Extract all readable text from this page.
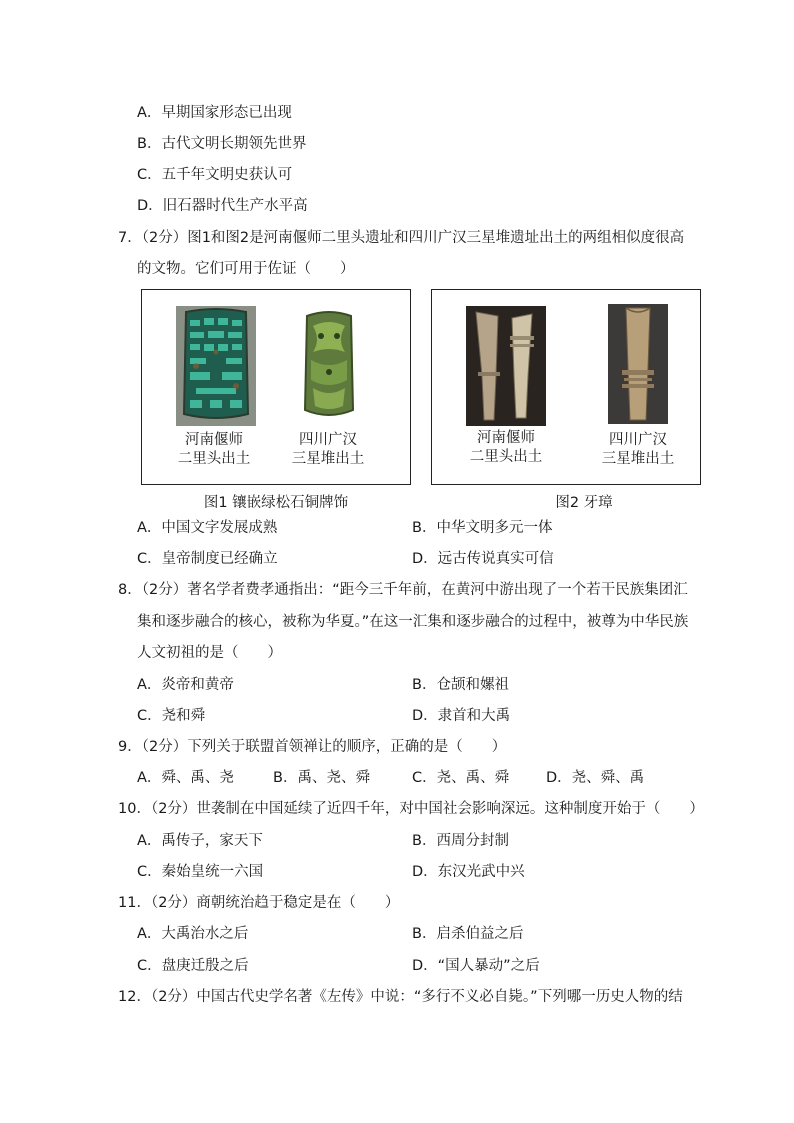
A．早期国家形态已出现
B．古代文明长期领先世界
C．五千年文明史获认可
D．旧石器时代生产水平高
7．（2分）图1和图2是河南偃师二里头遗址和四川广汉三星堆遗址出土的两组相似度很高
的文物。它们可用于佐证（　　）
河南偃师
二里头出土
四川广汉
三星堆出土
图1 镶嵌绿松石铜牌饰
河南偃师
二里头出土
四川广汉
三星堆出土
图2 牙璋
A．中国文字发展成熟	B．中华文明多元一体
C．皇帝制度已经确立	D．远古传说真实可信
8．（2分）著名学者费孝通指出：“距今三千年前，在黄河中游出现了一个若干民族集团汇
集和逐步融合的核心，被称为华夏。”在这一汇集和逐步融合的过程中，被尊为中华民族
人文初祖的是（　　）
A．炎帝和黄帝	B．仓颉和嫘祖
C．尧和舜	D．隶首和大禹
9．（2分）下列关于联盟首领禅让的顺序，正确的是（　　）
A．舜、禹、尧	B．禹、尧、舜	C．尧、禹、舜	D．尧、舜、禹
10．（2分）世袭制在中国延续了近四千年，对中国社会影响深远。这种制度开始于（　　）
A．禹传子，家天下	B．西周分封制
C．秦始皇统一六国	D．东汉光武中兴
11．（2分）商朝统治趋于稳定是在（　　）
A．大禹治水之后	B．启杀伯益之后
C．盘庚迁殷之后	D．“国人暴动”之后
12．（2分）中国古代史学名著《左传》中说：“多行不义必自毙。”下列哪一历史人物的结
